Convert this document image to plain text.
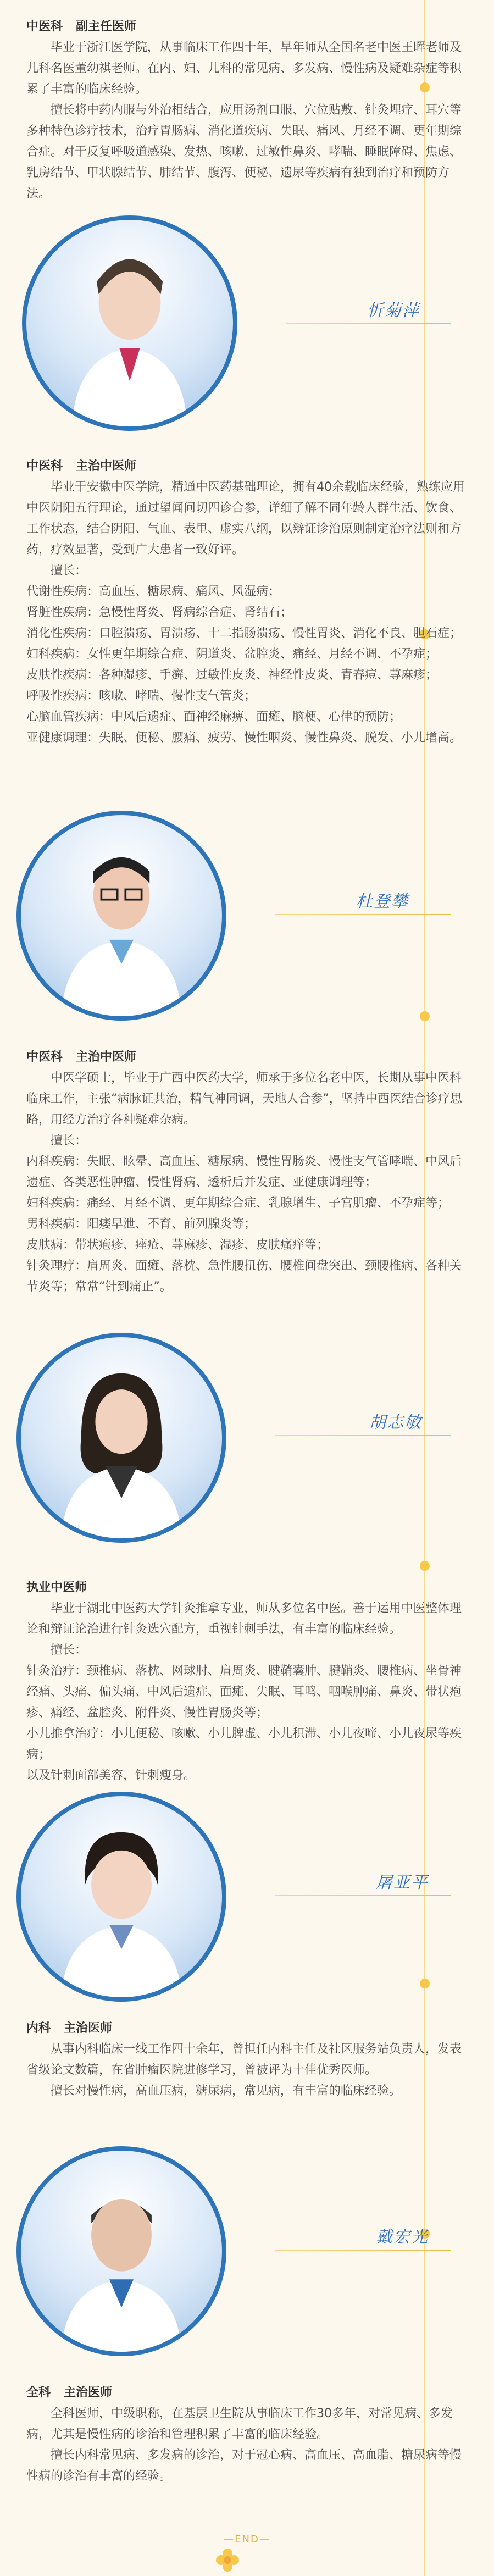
中医科 副主任医师

毕业于浙江医学院，从事临床工作四十年，早年师从全国名老中医王晖老师及儿科名医董幼祺老师。在内、妇、儿科的常见病、多发病、慢性病及疑难杂症等积累了丰富的临床经验。

擅长将中药内服与外治相结合，应用汤剂口服、穴位贴敷、针灸埋疗、耳穴等多种特色诊疗技术，治疗胃肠病、消化道疾病、失眠、痛风、月经不调、更年期综合症。对于反复呼吸道感染、发热、咳嗽、过敏性鼻炎、哮喘、睡眠障碍、焦虑、乳房结节、甲状腺结节、肺结节、腹泻、便秘、遗尿等疾病有独到治疗和预防方法。

忻菊萍

中医科 主治中医师

毕业于安徽中医学院，精通中医药基础理论，拥有40余载临床经验，熟练应用中医阴阳五行理论，通过望闻问切四诊合参，详细了解不同年龄人群生活、饮食、工作状态，结合阴阳、气血、表里、虚实八纲，以辩证诊治原则制定治疗法则和方药，疗效显著，受到广大患者一致好评。

擅长：

代谢性疾病：高血压、糖尿病、痛风、风湿病；

肾脏性疾病：急慢性肾炎、肾病综合症、肾结石；

消化性疾病：口腔溃疡、胃溃疡、十二指肠溃疡、慢性胃炎、消化不良、胆石症；

妇科疾病：女性更年期综合症、阴道炎、盆腔炎、痛经、月经不调、不孕症；

皮肤性疾病：各种湿疹、手癣、过敏性皮炎、神经性皮炎、青春痘、荨麻疹；

呼吸性疾病：咳嗽、哮喘、慢性支气管炎；

心脑血管疾病：中风后遗症、面神经麻痹、面瘫、脑梗、心律的预防；

亚健康调理：失眠、便秘、腰痛、疲劳、慢性咽炎、慢性鼻炎、脱发、小儿增高。

杜登攀

中医科 主治中医师

中医学硕士，毕业于广西中医药大学，师承于多位名老中医，长期从事中医科临床工作，主张“病脉证共治，精气神同调，天地人合参”，坚持中西医结合诊疗思路，用经方治疗各种疑难杂病。

擅长：

内科疾病：失眠、眩晕、高血压、糖尿病、慢性胃肠炎、慢性支气管哮喘、中风后遗症、各类恶性肿瘤、慢性肾病、透析后并发症、亚健康调理等；

妇科疾病：痛经、月经不调、更年期综合症、乳腺增生、子宫肌瘤、不孕症等；

男科疾病：阳痿早泄、不育、前列腺炎等；

皮肤病：带状疱疹、痤疮、荨麻疹、湿疹、皮肤瘙痒等；

针灸理疗：肩周炎、面瘫、落枕、急性腰扭伤、腰椎间盘突出、颈腰椎病、各种关节炎等；常常“针到痛止”。

胡志敏

执业中医师

毕业于湖北中医药大学针灸推拿专业，师从多位名中医。善于运用中医整体理论和辩证论治进行针灸选穴配方，重视针刺手法，有丰富的临床经验。

擅长：

针灸治疗：颈椎病、落枕、网球肘、肩周炎、腱鞘囊肿、腱鞘炎、腰椎病、坐骨神经痛、头痛、偏头痛、中风后遗症、面瘫、失眠、耳鸣、咽喉肿痛、鼻炎、带状疱疹、痛经、盆腔炎、附件炎、慢性胃肠炎等；

小儿推拿治疗：小儿便秘、咳嗽、小儿脾虚、小儿积滞、小儿夜啼、小儿夜尿等疾病；

以及针刺面部美容，针刺瘦身。

屠亚平

内科 主治医师

从事内科临床一线工作四十余年，曾担任内科主任及社区服务站负责人，发表省级论文数篇，在省肿瘤医院进修学习，曾被评为十佳优秀医师。

擅长对慢性病，高血压病，糖尿病，常见病，有丰富的临床经验。

戴宏光

全科 主治医师

全科医师，中级职称，在基层卫生院从事临床工作30多年，对常见病、多发病，尤其是慢性病的诊治和管理积累了丰富的临床经验。

擅长内科常见病、多发病的诊治，对于冠心病、高血压、高血脂、糖尿病等慢性病的诊治有丰富的经验。

—END—
